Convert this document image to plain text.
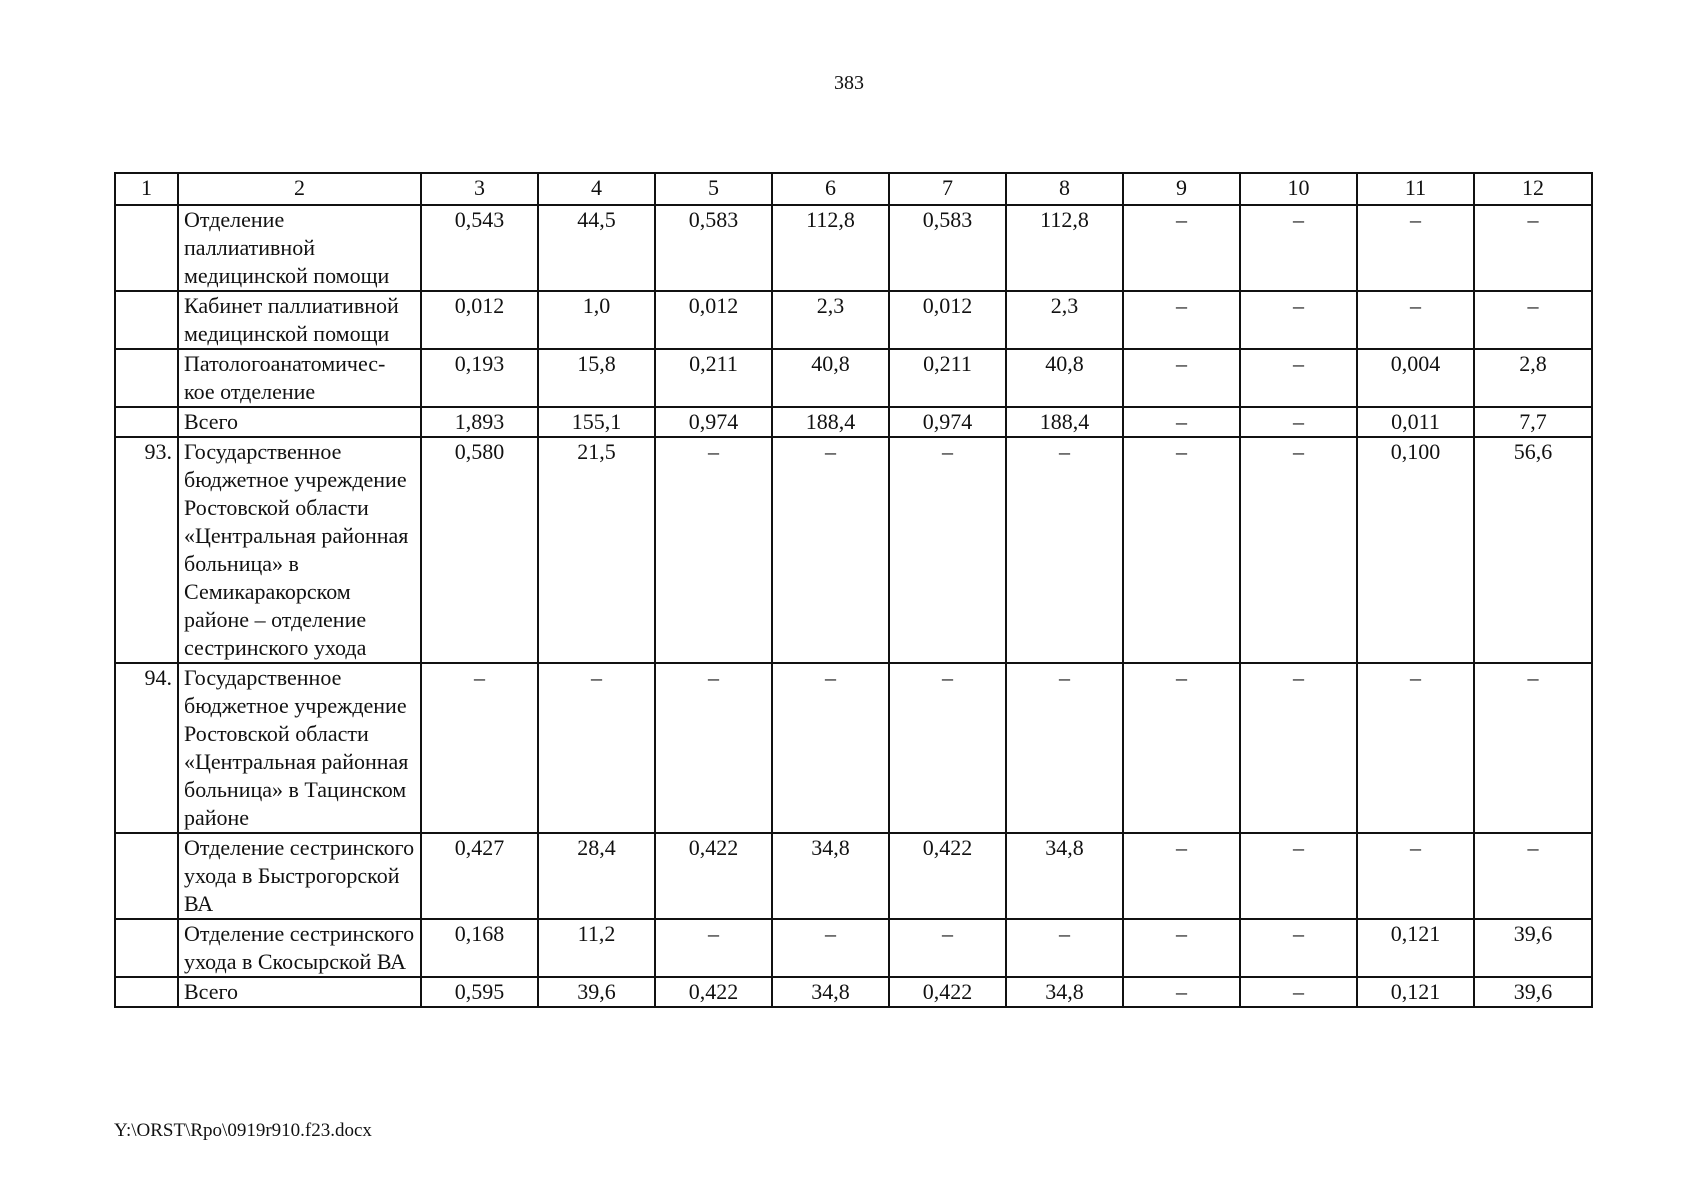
383
1	2	3	4	5	6	7	8	9	10	11	12
	Отделение паллиативной медицинской помощи	0,543	44,5	0,583	112,8	0,583	112,8	–	–	–	–
	Кабинет паллиативной медицинской помощи	0,012	1,0	0,012	2,3	0,012	2,3	–	–	–	–
	Патологоанатомичес-кое отделение	0,193	15,8	0,211	40,8	0,211	40,8	–	–	0,004	2,8
	Всего	1,893	155,1	0,974	188,4	0,974	188,4	–	–	0,011	7,7
93.	Государственное бюджетное учреждение Ростовской области «Центральная районная больница» в Семикаракорском районе – отделение сестринского ухода	0,580	21,5	–	–	–	–	–	–	0,100	56,6
94.	Государственное бюджетное учреждение Ростовской области «Центральная районная больница» в Тацинском районе	–	–	–	–	–	–	–	–	–	–
	Отделение сестринского ухода в Быстрогорской ВА	0,427	28,4	0,422	34,8	0,422	34,8	–	–	–	–
	Отделение сестринского ухода в Скосырской ВА	0,168	11,2	–	–	–	–	–	–	0,121	39,6
	Всего	0,595	39,6	0,422	34,8	0,422	34,8	–	–	0,121	39,6
Y:\ORST\Rpo\0919r910.f23.docx
